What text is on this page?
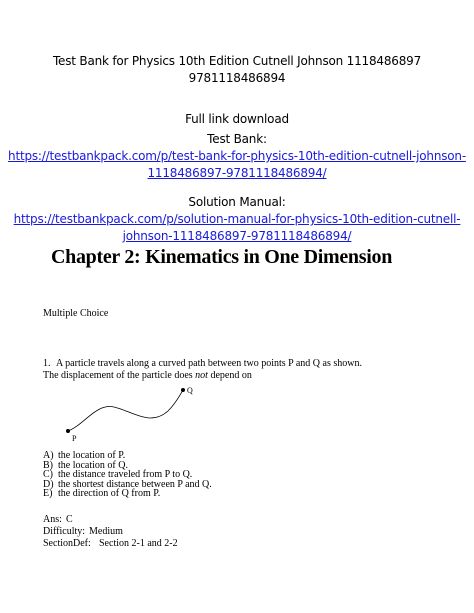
Test Bank for Physics 10th Edition Cutnell Johnson 1118486897
9781118486894
Full link download
Test Bank:
https://testbankpack.com/p/test-bank-for-physics-10th-edition-cutnell-johnson-
1118486897-9781118486894/
Solution Manual:
https://testbankpack.com/p/solution-manual-for-physics-10th-edition-cutnell-
johnson-1118486897-9781118486894/
Chapter 2: Kinematics in One Dimension
Multiple Choice
1. A particle travels along a curved path between two points P and Q as shown.
The displacement of the particle does not depend on
P
Q
A) the location of P.
B) the location of Q.
C) the distance traveled from P to Q.
D) the shortest distance between P and Q.
E) the direction of Q from P.
Ans: C
Difficulty: Medium
SectionDef: Section 2-1 and 2-2
